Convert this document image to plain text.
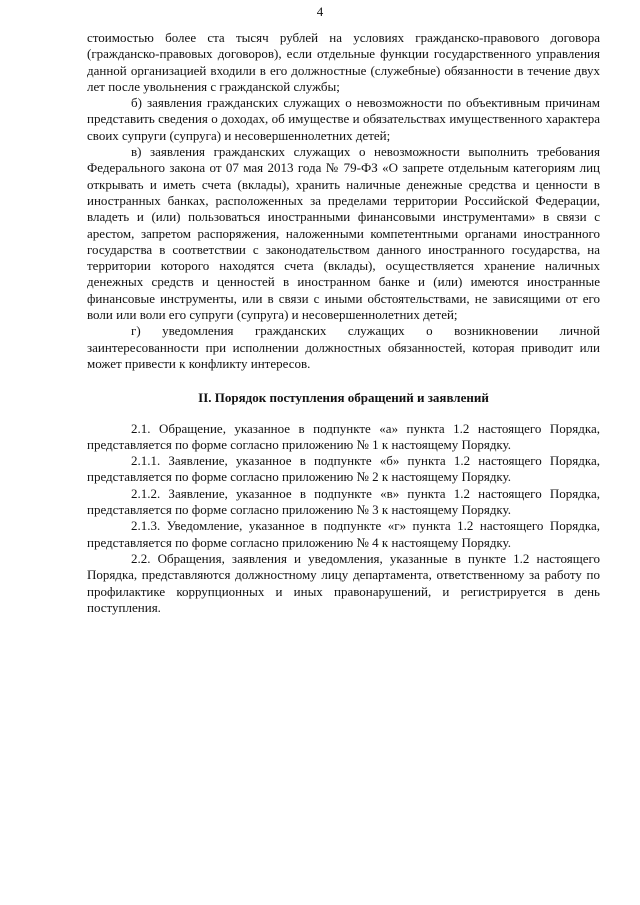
4

стоимостью более ста тысяч рублей на условиях гражданско-правового договора (гражданско-правовых договоров), если отдельные функции государственного управления данной организацией входили в его должностные (служебные) обязанности в течение двух лет после увольнения с гражданской службы;

б) заявления гражданских служащих о невозможности по объективным причинам представить сведения о доходах, об имуществе и обязательствах имущественного характера своих супруги (супруга) и несовершеннолетних детей;

в) заявления гражданских служащих о невозможности выполнить требования Федерального закона от 07 мая 2013 года № 79-ФЗ «О запрете отдельным категориям лиц открывать и иметь счета (вклады), хранить наличные денежные средства и ценности в иностранных банках, расположенных за пределами территории Российской Федерации, владеть и (или) пользоваться иностранными финансовыми инструментами» в связи с арестом, запретом распоряжения, наложенными компетентными органами иностранного государства в соответствии с законодательством данного иностранного государства, на территории которого находятся счета (вклады), осуществляется хранение наличных денежных средств и ценностей в иностранном банке и (или) имеются иностранные финансовые инструменты, или в связи с иными обстоятельствами, не зависящими от его воли или воли его супруги (супруга) и несовершеннолетних детей;

г) уведомления гражданских служащих о возникновении личной заинтересованности при исполнении должностных обязанностей, которая приводит или может привести к конфликту интересов.

II. Порядок поступления обращений и заявлений

2.1. Обращение, указанное в подпункте «а» пункта 1.2 настоящего Порядка, представляется по форме согласно приложению № 1 к настоящему Порядку.

2.1.1. Заявление, указанное в подпункте «б» пункта 1.2 настоящего Порядка, представляется по форме согласно приложению № 2 к настоящему Порядку.

2.1.2. Заявление, указанное в подпункте «в» пункта 1.2 настоящего Порядка, представляется по форме согласно приложению № 3 к настоящему Порядку.

2.1.3. Уведомление, указанное в подпункте «г» пункта 1.2 настоящего Порядка, представляется по форме согласно приложению № 4 к настоящему Порядку.

2.2. Обращения, заявления и уведомления, указанные в пункте 1.2 настоящего Порядка, представляются должностному лицу департамента, ответственному за работу по профилактике коррупционных и иных правонарушений, и регистрируется в день поступления.
